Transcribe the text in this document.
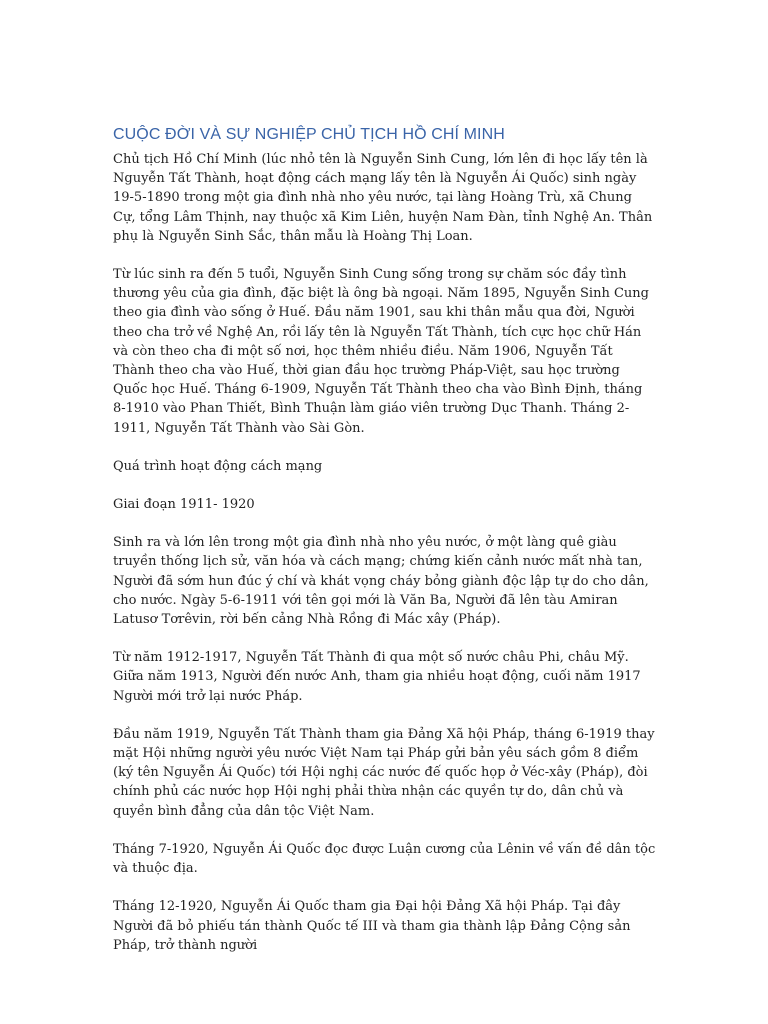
CUỘC ĐỜI VÀ SỰ NGHIỆP CHỦ TỊCH HỒ CHÍ MINH

Chủ tịch Hồ Chí Minh (lúc nhỏ tên là Nguyễn Sinh Cung, lớn lên đi học lấy tên là Nguyễn Tất Thành, hoạt động cách mạng lấy tên là Nguyễn Ái Quốc) sinh ngày 19-5-1890 trong một gia đình nhà nho yêu nước, tại làng Hoàng Trù, xã Chung Cự, tổng Lâm Thịnh, nay thuộc xã Kim Liên, huyện Nam Đàn, tỉnh Nghệ An. Thân phụ là Nguyễn Sinh Sắc, thân mẫu là Hoàng Thị Loan.

Từ lúc sinh ra đến 5 tuổi, Nguyễn Sinh Cung sống trong sự chăm sóc đầy tình thương yêu của gia đình, đặc biệt là ông bà ngoại. Năm 1895, Nguyễn Sinh Cung theo gia đình vào sống ở Huế. Đầu năm 1901, sau khi thân mẫu qua đời, Người theo cha trở về Nghệ An, rồi lấy tên là Nguyễn Tất Thành, tích cực học chữ Hán và còn theo cha đi một số nơi, học thêm nhiều điều. Năm 1906, Nguyễn Tất Thành theo cha vào Huế, thời gian đầu học trường Pháp-Việt, sau học trường Quốc học Huế. Tháng 6-1909, Nguyễn Tất Thành theo cha vào Bình Định, tháng 8-1910 vào Phan Thiết, Bình Thuận làm giáo viên trường Dục Thanh. Tháng 2-1911, Nguyễn Tất Thành vào Sài Gòn.

Quá trình hoạt động cách mạng

Giai đoạn 1911- 1920

Sinh ra và lớn lên trong một gia đình nhà nho yêu nước, ở một làng quê giàu truyền thống lịch sử, văn hóa và cách mạng; chứng kiến cảnh nước mất nhà tan, Người đã sớm hun đúc ý chí và khát vọng cháy bỏng giành độc lập tự do cho dân, cho nước. Ngày 5-6-1911 với tên gọi mới là Văn Ba, Người đã lên tàu Amiran Latusơ Tơrêvin, rời bến cảng Nhà Rồng đi Mác xây (Pháp).

Từ năm 1912-1917, Nguyễn Tất Thành đi qua một số nước châu Phi, châu Mỹ. Giữa năm 1913, Người đến nước Anh, tham gia nhiều hoạt động, cuối năm 1917 Người mới trở lại nước Pháp.

Đầu năm 1919, Nguyễn Tất Thành tham gia Đảng Xã hội Pháp, tháng 6-1919 thay mặt Hội những người yêu nước Việt Nam tại Pháp gửi bản yêu sách gồm 8 điểm (ký tên Nguyễn Ái Quốc) tới Hội nghị các nước đế quốc họp ở Véc-xây (Pháp), đòi chính phủ các nước họp Hội nghị phải thừa nhận các quyền tự do, dân chủ và quyền bình đẳng của dân tộc Việt Nam.

Tháng 7-1920, Nguyễn Ái Quốc đọc được Luận cương của Lênin về vấn đề dân tộc và thuộc địa.

Tháng 12-1920, Nguyễn Ái Quốc tham gia Đại hội Đảng Xã hội Pháp. Tại đây Người đã bỏ phiếu tán thành Quốc tế III và tham gia thành lập Đảng Cộng sản Pháp, trở thành người
